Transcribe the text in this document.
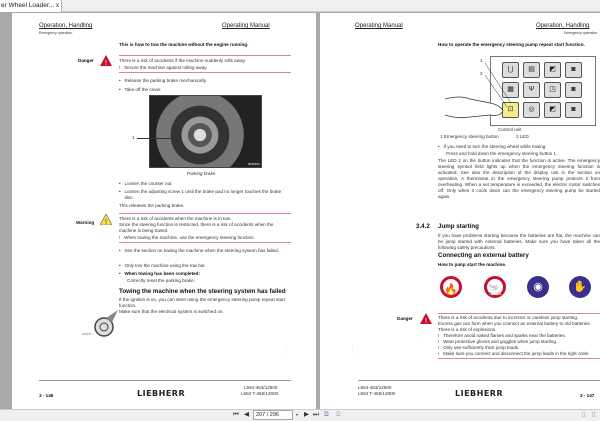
er Wheel Loader... x
Operation, Handling	Operating Manual
Emergency operation
This is how to tow the machine without the engine running.
Danger !	There is a risk of accidents if the machine suddenly rolls away.
!   Secure the machine against rolling away.
•   Release the parking brake mechanically.
•   Take off the cover.
9835306
1
Parking brake
•   Loosen the counter nut.
• Loosen the adjusting screw 1 until the brake pad no longer touches the brake disc.
This releases the parking brake.
Warning !
There is a risk of accidents when the machine is in tow.
Since the steering function is restricted, there is a risk of accidents when the machine is being towed.
!   When towing the machine, use the emergency steering function.
• See the section on towing the machine when the steering system has failed.
•   Only tow the machine using the tow bar.
•   When towing has been completed:
Correctly reset the parking brake.
Towing the machine when the steering system has failed
If the ignition is on, you can steer using the emergency steering pump repeat start function.
Make sure that the electrical system is switched on.
kw6074
··········
3 - 146	LIEBHERR
L564-463/12800
L584 T-465/12800
Operating Manual	Operation, Handling
Emergency operation
How to operate the emergency steering pump repeat start function.
⋃	▤	◩	◙
▦	Ψ	◳	◙
⊡	◎	◩	◙
1
2
Control unit
1 Emergency steering button	2 LED
•   If you need to turn the steering wheel while towing:
Press and hold down the emergency steering button 1.
The LED 2 on the button indicates that the function is active. The emergency steering symbol field lights up when the emergency steering function is activated. See also the description of the display unit in the section on operation. A thermostat in the emergency steering pump protects it from overheating. When a set temperature is exceeded, the electric motor switches off. Only when it cools down can the emergency steering pump be started again.
3.4.2 Jump starting
If you have problems starting because the batteries are flat, the machine can be jump started with external batteries. Make sure you have taken all the following safety precautions.
Connecting an external battery
How to jump start the machine.
🔥	🚬	◉	✋
Danger !
There is a risk of accidents due to incorrect or careless jump starting.
Excess gas can form when you connect an external battery to old batteries. There is a risk of explosions.
!   Therefore avoid naked flames and sparks near the batteries.
!   Wear protective gloves and goggles when jump starting.
!   Only use sufficiently thick jump leads.
!   Make sure you connect and disconnect the jump leads in the right order.
··········
L564-463/12800
L584 T-465/12800	LIEBHERR	3 - 147
⏮ ◀	207 / 296	▾ ▶ ⏭ ⧉ ⧉	▯ ▯
